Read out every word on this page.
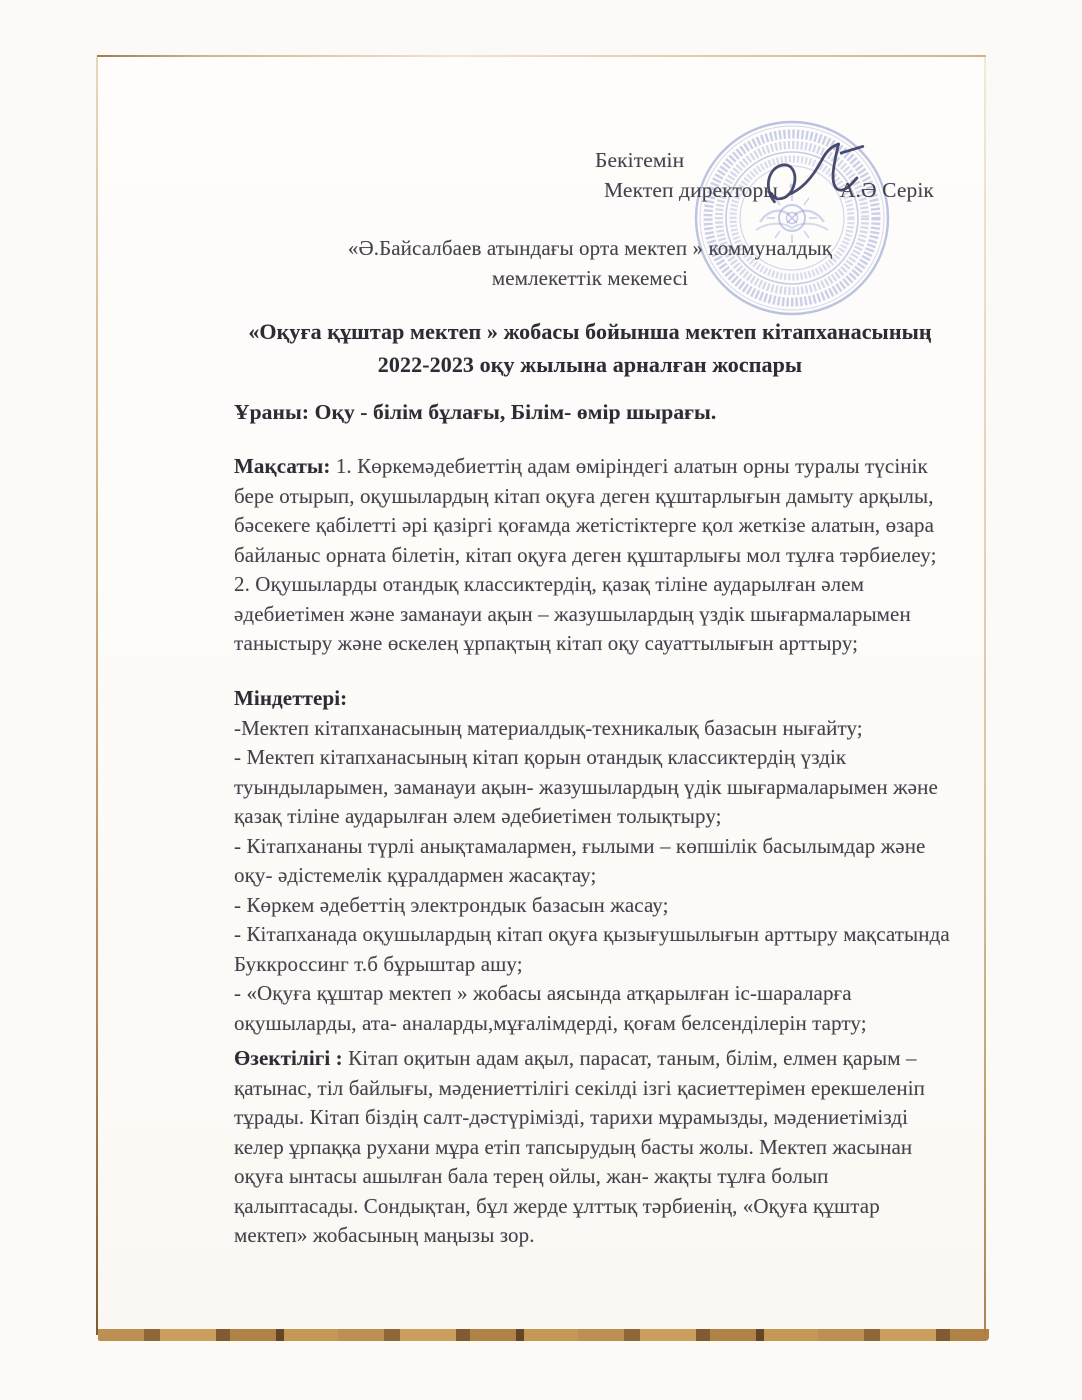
Бекітемін
Мектеп директоры	А.Ә Серік
«Ә.Байсалбаев атындағы орта мектеп » коммуналдық
мемлекеттік мекемесі
«Оқуға құштар мектеп » жобасы бойынша мектеп кітапханасының
2022-2023 оқу жылына арналған жоспары
Ұраны: Оқу - білім бұлағы, Білім- өмір шырағы.

Мақсаты: 1. Көркемәдебиеттің адам өміріндегі алатын орны туралы түсінік бере отырып, оқушылардың кітап оқуға деген құштарлығын дамыту арқылы, бәсекеге қабілетті әрі қазіргі қоғамда жетістіктерге қол жеткізе алатын, өзара байланыс орната білетін, кітап оқуға деген құштарлығы мол тұлға тәрбиелеу;

2. Оқушыларды отандық классиктердің, қазақ тіліне аударылған әлем әдебиетімен және заманауи ақын – жазушылардың үздік шығармаларымен таныстыру және өскелең ұрпақтың кітап оқу сауаттылығын арттыру;

Міндеттері:

-Мектеп кітапханасының материалдық-техникалық базасын нығайту;

- Мектеп кітапханасының кітап қорын отандық классиктердің үздік туындыларымен, заманауи ақын- жазушылардың үдік шығармаларымен және қазақ тіліне аударылған әлем әдебиетімен толықтыру;

- Кітапхананы түрлі анықтамалармен, ғылыми – көпшілік басылымдар және оқу- әдістемелік құралдармен жасақтау;

- Көркем әдебеттің электрондык базасын жасау;

- Кітапханада оқушылардың кітап оқуға қызығушылығын арттыру мақсатында Буккроссинг т.б бұрыштар ашу;

- «Оқуға құштар мектеп » жобасы аясында атқарылған іс-шараларға оқушыларды, ата- аналарды,мұғалімдерді, қоғам белсенділерін тарту;

Өзектілігі : Кітап оқитын адам ақыл, парасат, таным, білім, елмен қарым – қатынас, тіл байлығы, мәдениеттілігі секілді ізгі қасиеттерімен ерекшеленіп тұрады. Кітап біздің салт-дәстүрімізді, тарихи мұрамызды, мәдениетімізді келер ұрпаққа рухани мұра етіп тапсырудың басты жолы. Мектеп жасынан оқуға ынтасы ашылған бала терең ойлы, жан- жақты тұлға болып қалыптасады. Сондықтан, бұл жерде ұлттық тәрбиенің, «Оқуға құштар мектеп» жобасының маңызы зор.
